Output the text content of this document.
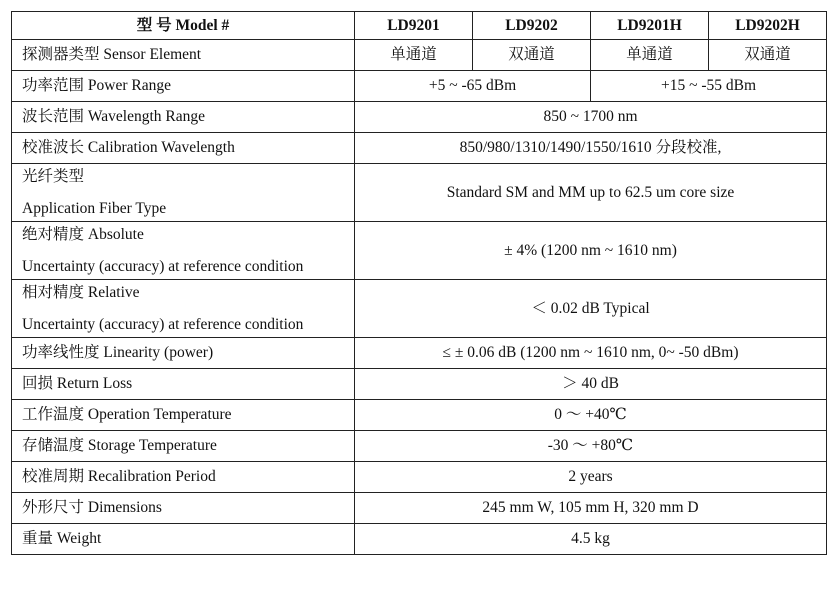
型 号 Model #	LD9201	LD9202	LD9201H	LD9202H
探测器类型 Sensor Element	单通道	双通道	单通道	双通道
功率范围 Power Range	+5 ~ -65 dBm		+15 ~ -55 dBm	
波长范围 Wavelength Range	850 ~ 1700 nm			
校准波长 Calibration Wavelength	850/980/1310/1490/1550/1610 分段校准,			

光纤类型
Application Fiber Type	Standard SM and MM up to 62.5 um core size			

绝对精度 Absolute
Uncertainty (accuracy) at reference condition	± 4% (1200 nm ~ 1610 nm)			

相对精度 Relative
Uncertainty (accuracy) at reference condition	＜ 0.02 dB Typical			
功率线性度 Linearity (power)	≤ ± 0.06 dB (1200 nm ~ 1610 nm, 0~ -50 dBm)			
回损 Return Loss	＞ 40 dB			
工作温度 Operation Temperature	0 ～ +40℃			
存储温度 Storage Temperature	-30 ～ +80℃			
校准周期 Recalibration Period	2 years			
外形尺寸 Dimensions	245 mm W, 105 mm H, 320 mm D			
重量 Weight	4.5 kg			
